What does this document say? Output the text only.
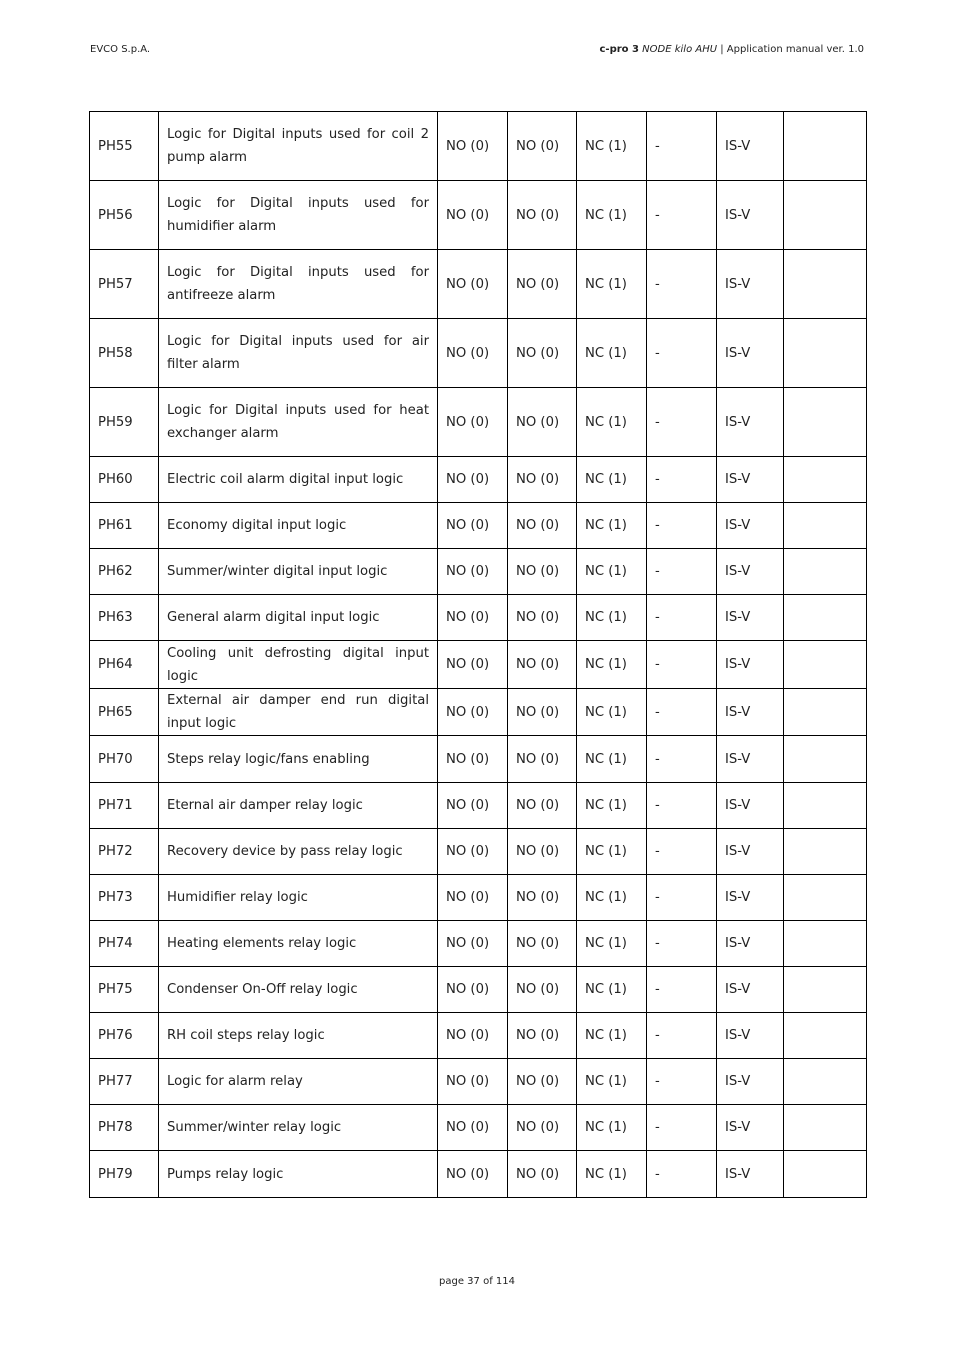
EVCO S.p.A.	c-pro 3 NODE kilo AHU | Application manual ver. 1.0
PH55	Logic for Digital inputs used for coil 2 pump alarm	NO (0)	NO (0)	NC (1)	-	IS-V	
PH56	Logic for Digital inputs used for humidifier alarm	NO (0)	NO (0)	NC (1)	-	IS-V	
PH57	Logic for Digital inputs used for antifreeze alarm	NO (0)	NO (0)	NC (1)	-	IS-V	
PH58	Logic for Digital inputs used for air filter alarm	NO (0)	NO (0)	NC (1)	-	IS-V	
PH59	Logic for Digital inputs used for heat exchanger alarm	NO (0)	NO (0)	NC (1)	-	IS-V	
PH60	Electric coil alarm digital input logic	NO (0)	NO (0)	NC (1)	-	IS-V	
PH61	Economy digital input logic	NO (0)	NO (0)	NC (1)	-	IS-V	
PH62	Summer/winter digital input logic	NO (0)	NO (0)	NC (1)	-	IS-V	
PH63	General alarm digital input logic	NO (0)	NO (0)	NC (1)	-	IS-V	
PH64	Cooling unit defrosting digital input logic	NO (0)	NO (0)	NC (1)	-	IS-V	
PH65	External air damper end run digital input logic	NO (0)	NO (0)	NC (1)	-	IS-V	
PH70	Steps relay logic/fans enabling	NO (0)	NO (0)	NC (1)	-	IS-V	
PH71	Eternal air damper relay logic	NO (0)	NO (0)	NC (1)	-	IS-V	
PH72	Recovery device by pass relay logic	NO (0)	NO (0)	NC (1)	-	IS-V	
PH73	Humidifier relay logic	NO (0)	NO (0)	NC (1)	-	IS-V	
PH74	Heating elements relay logic	NO (0)	NO (0)	NC (1)	-	IS-V	
PH75	Condenser On-Off relay logic	NO (0)	NO (0)	NC (1)	-	IS-V	
PH76	RH coil steps relay logic	NO (0)	NO (0)	NC (1)	-	IS-V	
PH77	Logic for alarm relay	NO (0)	NO (0)	NC (1)	-	IS-V	
PH78	Summer/winter relay logic	NO (0)	NO (0)	NC (1)	-	IS-V	
PH79	Pumps relay logic	NO (0)	NO (0)	NC (1)	-	IS-V	
page 37 of 114
